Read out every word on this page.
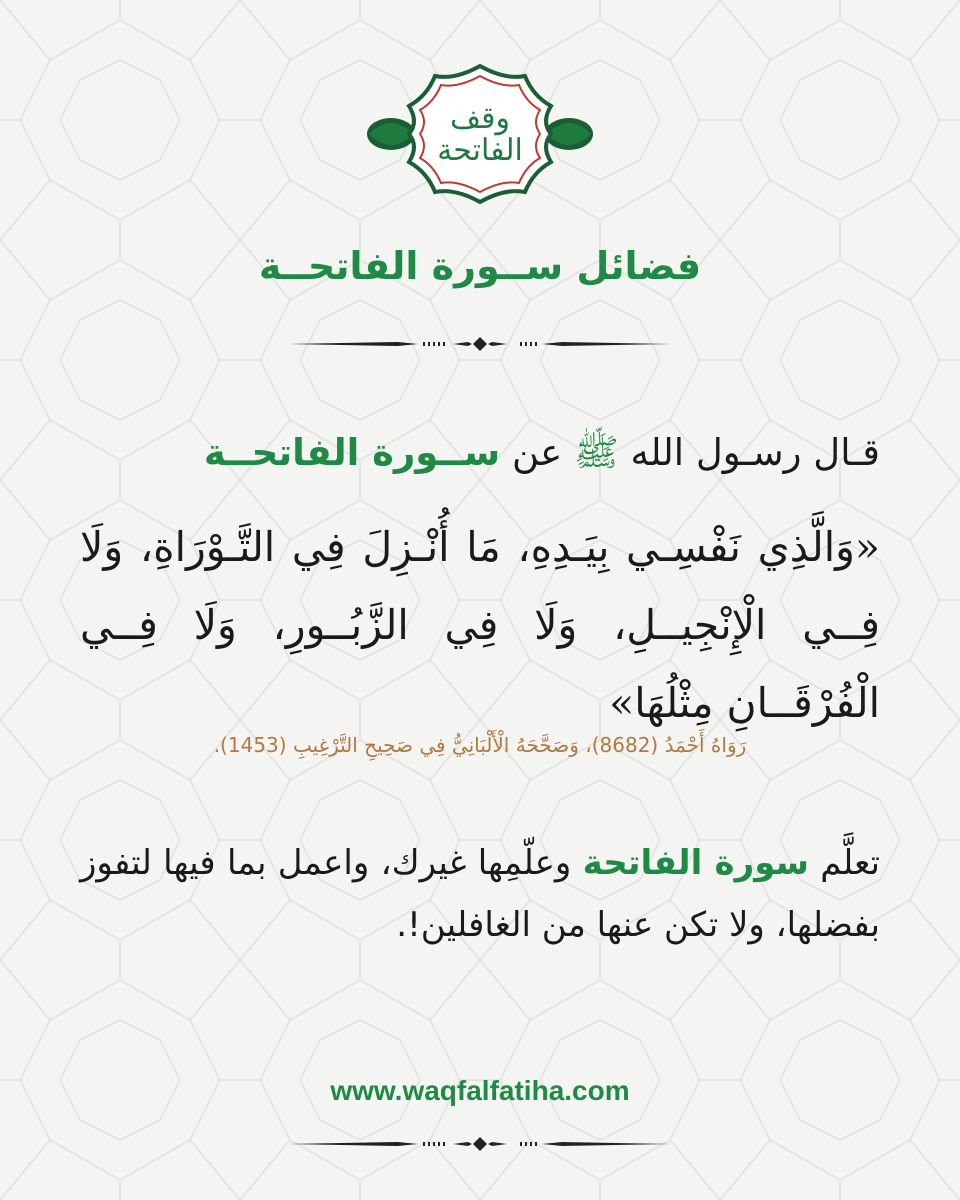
وقف
الفاتحة
فضائل ســورة الفاتحــة
قـال رسـول الله ﷺ عن ســورة الفاتحــة
«وَالَّذِي نَفْسِـي بِيَـدِهِ، مَا أُنْـزِلَ فِي التَّـوْرَاةِ، وَلَا فِــي الْإِنْجِيــلِ، وَلَا فِي الزَّبُــورِ، وَلَا فِــي الْفُرْقَــانِ مِثْلُهَا»
رَوَاهُ أَحْمَدُ (8682)، وَصَحَّحَهُ الْأَلْبَانِيُّ فِي صَحِيحِ التَّرْغِيبِ (1453).
تعلَّم سورة الفاتحة وعلّمِها غيرك، واعمل بما فيها لتفوز بفضلها، ولا تكن عنها من الغافلين!.
www.waqfalfatiha.com
